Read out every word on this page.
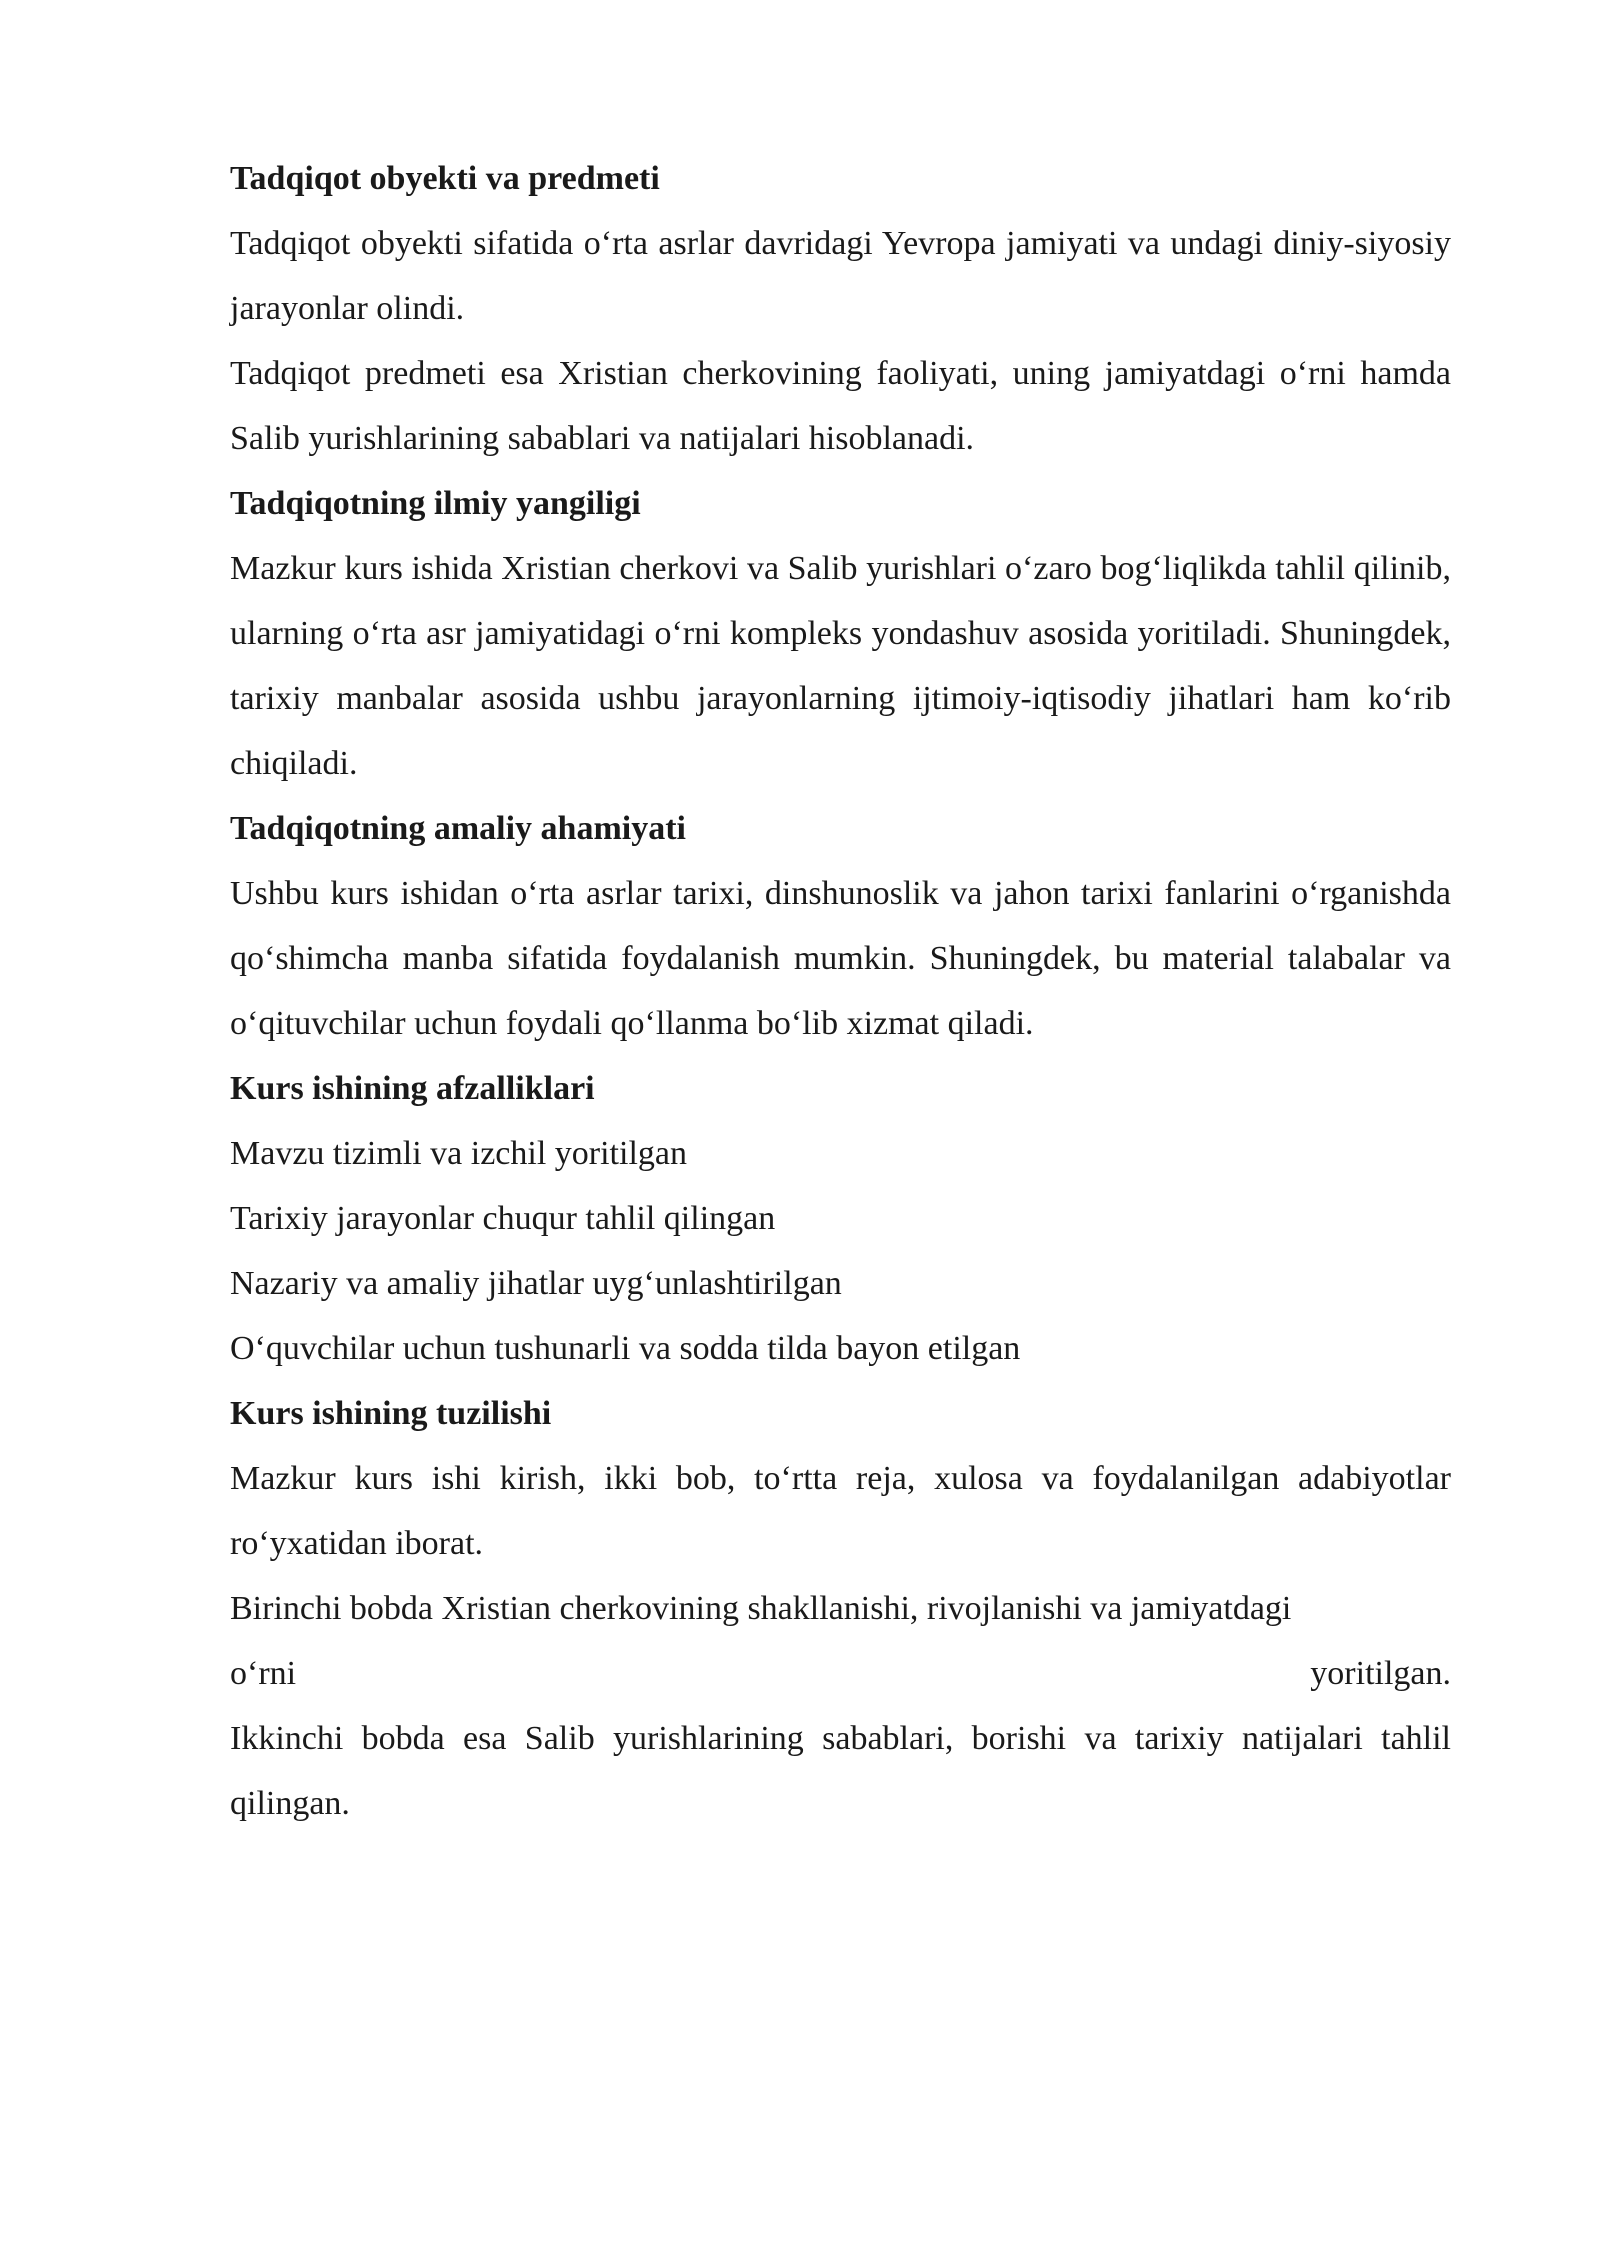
Tadqiqot obyekti va predmeti

Tadqiqot obyekti sifatida o‘rta asrlar davridagi Yevropa jamiyati va undagi diniy-siyosiy jarayonlar olindi.

Tadqiqot predmeti esa Xristian cherkovining faoliyati, uning jamiyatdagi o‘rni hamda Salib yurishlarining sabablari va natijalari hisoblanadi.

Tadqiqotning ilmiy yangiligi

Mazkur kurs ishida Xristian cherkovi va Salib yurishlari o‘zaro bog‘liqlikda tahlil qilinib, ularning o‘rta asr jamiyatidagi o‘rni kompleks yondashuv asosida yoritiladi. Shuningdek, tarixiy manbalar asosida ushbu jarayonlarning ijtimoiy-iqtisodiy jihatlari ham ko‘rib chiqiladi.

Tadqiqotning amaliy ahamiyati

Ushbu kurs ishidan o‘rta asrlar tarixi, dinshunoslik va jahon tarixi fanlarini o‘rganishda qo‘shimcha manba sifatida foydalanish mumkin. Shuningdek, bu material talabalar va o‘qituvchilar uchun foydali qo‘llanma bo‘lib xizmat qiladi.

Kurs ishining afzalliklari

Mavzu tizimli va izchil yoritilgan

Tarixiy jarayonlar chuqur tahlil qilingan

Nazariy va amaliy jihatlar uyg‘unlashtirilgan

O‘quvchilar uchun tushunarli va sodda tilda bayon etilgan

Kurs ishining tuzilishi

Mazkur kurs ishi kirish, ikki bob, to‘rtta reja, xulosa va foydalanilgan adabiyotlar ro‘yxatidan iborat.

Birinchi bobda Xristian cherkovining shakllanishi, rivojlanishi va jamiyatdagi

o‘rni	yoritilgan.

Ikkinchi bobda esa Salib yurishlarining sabablari, borishi va tarixiy natijalari tahlil qilingan.
